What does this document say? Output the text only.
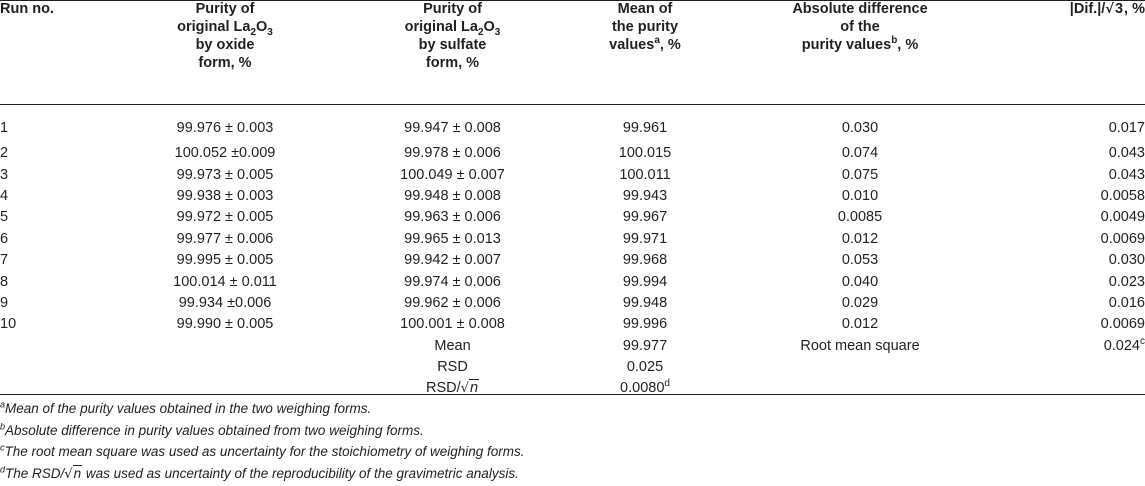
Run no.	Purity of
original $La_2O_3$
by oxide
form, %	Purity of
original $La_2O_3$
by sulfate
form, %	Mean of
the purity
values$^a$, %	Absolute difference
of the
purity values$^b$, %	|Dif.|/√3, %

1	99.976 ± 0.003	99.947 ± 0.008	99.961	0.030	0.017
2	100.052 ±0.009	99.978 ± 0.006	100.015	0.074	0.043
3	99.973 ± 0.005	100.049 ± 0.007	100.011	0.075	0.043
4	99.938 ± 0.003	99.948 ± 0.008	99.943	0.010	0.0058
5	99.972 ± 0.005	99.963 ± 0.006	99.967	0.0085	0.0049
6	99.977 ± 0.006	99.965 ± 0.013	99.971	0.012	0.0069
7	99.995 ± 0.005	99.942 ± 0.007	99.968	0.053	0.030
8	100.014 ± 0.011	99.974 ± 0.006	99.994	0.040	0.023
9	99.934 ±0.006	99.962 ± 0.006	99.948	0.029	0.016
10	99.990 ± 0.005	100.001 ± 0.008	99.996	0.012	0.0069
		Mean	99.977	Root mean square	0.024$^c$
		RSD	0.025		
		RSD/√n	0.0080$^d$		
$^a$Mean of the purity values obtained in the two weighing forms.
$^b$Absolute difference in purity values obtained from two weighing forms.
$^c$The root mean square was used as uncertainty for the stoichiometry of weighing forms.
$^d$The RSD/√n was used as uncertainty of the reproducibility of the gravimetric analysis.
